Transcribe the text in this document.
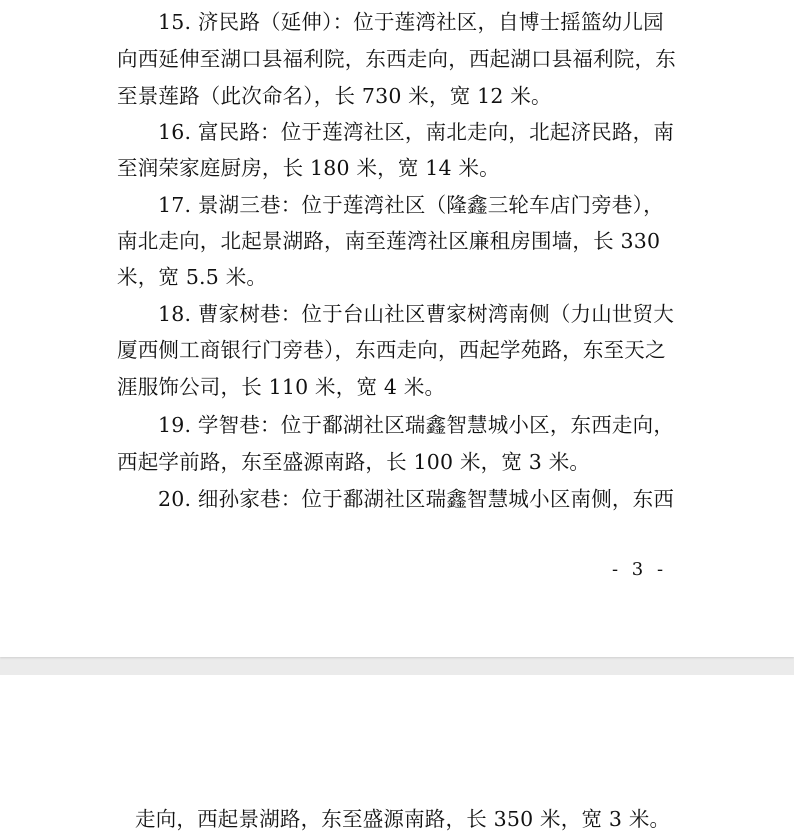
15. 济民路（延伸）：位于莲湾社区，自博士摇篮幼儿园
向西延伸至湖口县福利院，东西走向，西起湖口县福利院，东
至景莲路（此次命名），长 730 米，宽 12 米。
16. 富民路：位于莲湾社区，南北走向，北起济民路，南
至润荣家庭厨房，长 180 米，宽 14 米。
17. 景湖三巷：位于莲湾社区（隆鑫三轮车店门旁巷），
南北走向，北起景湖路，南至莲湾社区廉租房围墙，长 330
米，宽 5.5 米。
18. 曹家树巷：位于台山社区曹家树湾南侧（力山世贸大
厦西侧工商银行门旁巷），东西走向，西起学苑路，东至天之
涯服饰公司，长 110 米，宽 4 米。
19. 学智巷：位于鄱湖社区瑞鑫智慧城小区，东西走向，
西起学前路，东至盛源南路，长 100 米，宽 3 米。
20. 细孙家巷：位于鄱湖社区瑞鑫智慧城小区南侧，东西
- 3 -
走向，西起景湖路，东至盛源南路，长 350 米，宽 3 米。
